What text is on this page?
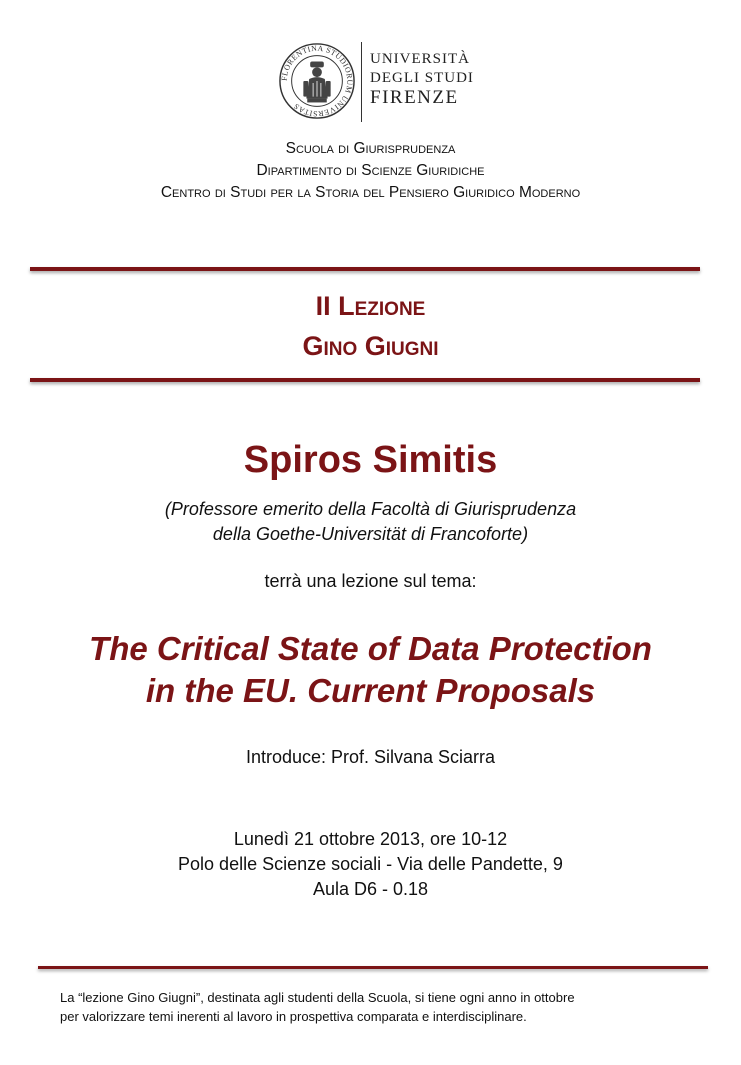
FLORENTINA STUDIORUM UNIVERSITAS
UNIVERSITÀ
DEGLI STUDI
FIRENZE
Scuola di Giurisprudenza
Dipartimento di Scienze Giuridiche
Centro di Studi per la Storia del Pensiero Giuridico Moderno
II Lezione
Gino Giugni
Spiros Simitis
(Professore emerito della Facoltà di Giurisprudenza
della Goethe-Universität di Francoforte)
terrà una lezione sul tema:
The Critical State of Data Protection
in the EU. Current Proposals
Introduce: Prof. Silvana Sciarra
Lunedì 21 ottobre 2013, ore 10-12
Polo delle Scienze sociali - Via delle Pandette, 9
Aula D6 - 0.18
La “lezione Gino Giugni”, destinata agli studenti della Scuola, si tiene ogni anno in ottobre
per valorizzare temi inerenti al lavoro in prospettiva comparata e interdisciplinare.
